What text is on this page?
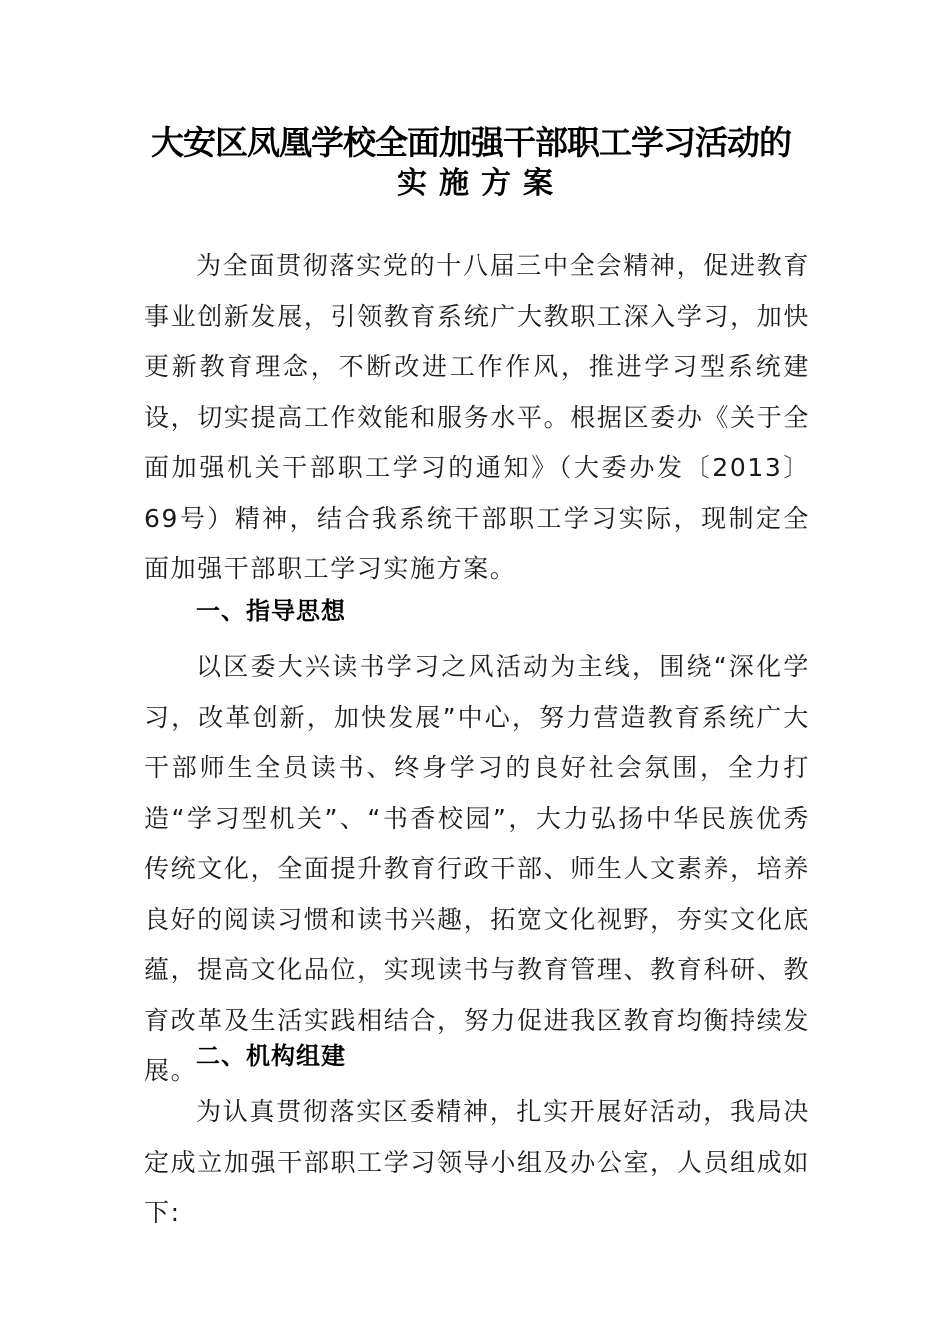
大安区凤凰学校全面加强干部职工学习活动的
实施方案

为全面贯彻落实党的十八届三中全会精神，促进教育事业创新发展，引领教育系统广大教职工深入学习，加快更新教育理念，不断改进工作作风，推进学习型系统建设，切实提高工作效能和服务水平。根据区委办《关于全面加强机关干部职工学习的通知》（大委办发〔2013〕69号）精神，结合我系统干部职工学习实际，现制定全面加强干部职工学习实施方案。

一、指导思想

以区委大兴读书学习之风活动为主线，围绕“深化学习，改革创新，加快发展”中心，努力营造教育系统广大干部师生全员读书、终身学习的良好社会氛围，全力打造“学习型机关”、“书香校园”，大力弘扬中华民族优秀传统文化，全面提升教育行政干部、师生人文素养，培养良好的阅读习惯和读书兴趣，拓宽文化视野，夯实文化底蕴，提高文化品位，实现读书与教育管理、教育科研、教育改革及生活实践相结合，努力促进我区教育均衡持续发展。

二、机构组建

为认真贯彻落实区委精神，扎实开展好活动，我局决定成立加强干部职工学习领导小组及办公室，人员组成如下:
